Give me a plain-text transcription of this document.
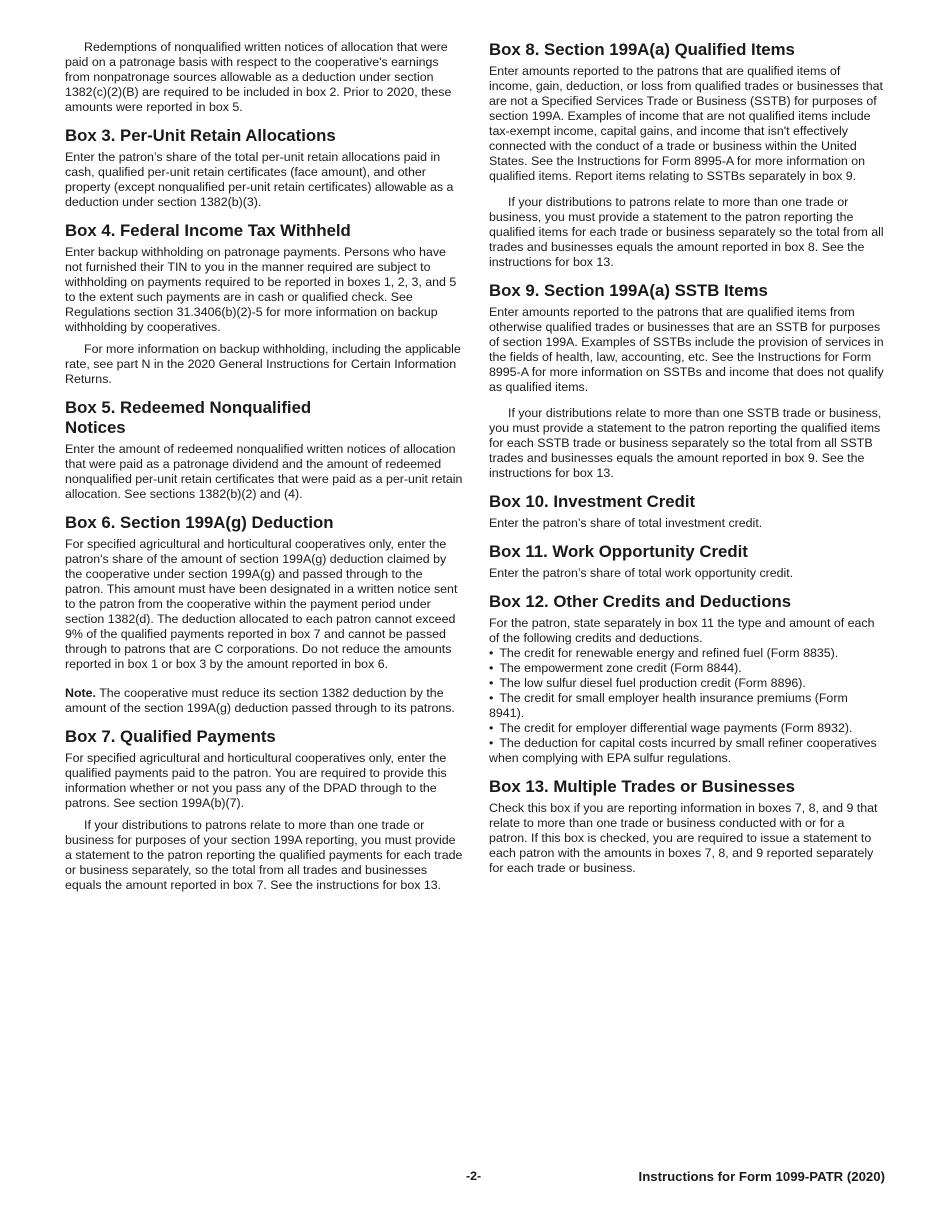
Redemptions of nonqualified written notices of allocation that were paid on a patronage basis with respect to the cooperative's earnings from nonpatronage sources allowable as a deduction under section 1382(c)(2)(B) are required to be included in box 2. Prior to 2020, these amounts were reported in box 5.

Box 3. Per-Unit Retain Allocations

Enter the patron’s share of the total per-unit retain allocations paid in cash, qualified per-unit retain certificates (face amount), and other property (except nonqualified per-unit retain certificates) allowable as a deduction under section 1382(b)(3).

Box 4. Federal Income Tax Withheld

Enter backup withholding on patronage payments. Persons who have not furnished their TIN to you in the manner required are subject to withholding on payments required to be reported in boxes 1, 2, 3, and 5 to the extent such payments are in cash or qualified check. See Regulations section 31.3406(b)(2)-5 for more information on backup withholding by cooperatives.

For more information on backup withholding, including the applicable rate, see part N in the 2020 General Instructions for Certain Information Returns.

Box 5. Redeemed Nonqualified
Notices

Enter the amount of redeemed nonqualified written notices of allocation that were paid as a patronage dividend and the amount of redeemed nonqualified per-unit retain certificates that were paid as a per-unit retain allocation. See sections 1382(b)(2) and (4).

Box 6. Section 199A(g) Deduction

For specified agricultural and horticultural cooperatives only, enter the patron's share of the amount of section 199A(g) deduction claimed by the cooperative under section 199A(g) and passed through to the patron. This amount must have been designated in a written notice sent to the patron from the cooperative within the payment period under section 1382(d). The deduction allocated to each patron cannot exceed 9% of the qualified payments reported in box 7 and cannot be passed through to patrons that are C corporations. Do not reduce the amounts reported in box 1 or box 3 by the amount reported in box 6.

Note. The cooperative must reduce its section 1382 deduction by the amount of the section 199A(g) deduction passed through to its patrons.

Box 7. Qualified Payments

For specified agricultural and horticultural cooperatives only, enter the qualified payments paid to the patron. You are required to provide this information whether or not you pass any of the DPAD through to the patrons. See section 199A(b)(7).

If your distributions to patrons relate to more than one trade or business for purposes of your section 199A reporting, you must provide a statement to the patron reporting the qualified payments for each trade or business separately, so the total from all trades and businesses equals the amount reported in box 7. See the instructions for box 13.

Box 8. Section 199A(a) Qualified Items

Enter amounts reported to the patrons that are qualified items of income, gain, deduction, or loss from qualified trades or businesses that are not a Specified Services Trade or Business (SSTB) for purposes of section 199A. Examples of income that are not qualified items include tax-exempt income, capital gains, and income that isn't effectively connected with the conduct of a trade or business within the United States. See the Instructions for Form 8995-A for more information on qualified items. Report items relating to SSTBs separately in box 9.

If your distributions to patrons relate to more than one trade or business, you must provide a statement to the patron reporting the qualified items for each trade or business separately so the total from all trades and businesses equals the amount reported in box 8. See the instructions for box 13.

Box 9. Section 199A(a) SSTB Items

Enter amounts reported to the patrons that are qualified items from otherwise qualified trades or businesses that are an SSTB for purposes of section 199A. Examples of SSTBs include the provision of services in the fields of health, law, accounting, etc. See the Instructions for Form 8995-A for more information on SSTBs and income that does not qualify as qualified items.

If your distributions relate to more than one SSTB trade or business, you must provide a statement to the patron reporting the qualified items for each SSTB trade or business separately so the total from all SSTB trades and businesses equals the amount reported in box 9. See the instructions for box 13.

Box 10. Investment Credit

Enter the patron’s share of total investment credit.

Box 11. Work Opportunity Credit

Enter the patron’s share of total work opportunity credit.

Box 12. Other Credits and Deductions

For the patron, state separately in box 11 the type and amount of each of the following credits and deductions.

• The credit for renewable energy and refined fuel (Form 8835).
• The empowerment zone credit (Form 8844).
• The low sulfur diesel fuel production credit (Form 8896).
• The credit for small employer health insurance premiums (Form 8941).
• The credit for employer differential wage payments (Form 8932).
• The deduction for capital costs incurred by small refiner cooperatives when complying with EPA sulfur regulations.
Box 13. Multiple Trades or Businesses

Check this box if you are reporting information in boxes 7, 8, and 9 that relate to more than one trade or business conducted with or for a patron. If this box is checked, you are required to issue a statement to each patron with the amounts in boxes 7, 8, and 9 reported separately for each trade or business.

-2-	Instructions for Form 1099-PATR (2020)
